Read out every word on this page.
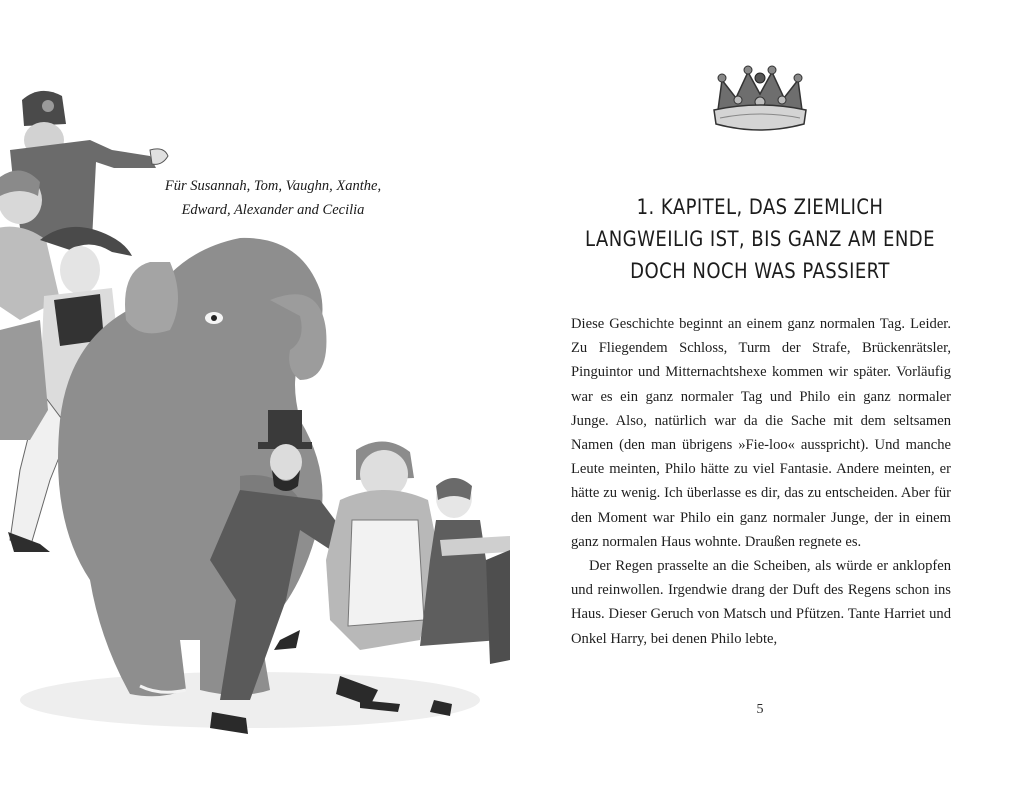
Für Susannah, Tom, Vaughn, Xanthe,
Edward, Alexander and Cecilia	1. KAPITEL, DAS ZIEMLICH
LANGWEILIG IST, BIS GANZ AM ENDE
DOCH NOCH WAS PASSIERT

Diese Geschichte beginnt an einem ganz normalen Tag. Leider. Zu Fliegendem Schloss, Turm der Strafe, Brückenrätsler, Pinguintor und Mitternachtshexe kommen wir später. Vorläufig war es ein ganz normaler Tag und Philo ein ganz normaler Junge. Also, natürlich war da die Sache mit dem seltsamen Namen (den man übrigens »Fie-loo« ausspricht). Und manche Leute meinten, Philo hätte zu viel Fantasie. Andere meinten, er hätte zu wenig. Ich überlasse es dir, das zu entscheiden. Aber für den Moment war Philo ein ganz normaler Junge, der in einem ganz normalen Haus wohnte. Draußen regnete es.

Der Regen prasselte an die Scheiben, als würde er anklopfen und reinwollen. Irgendwie drang der Duft des Regens schon ins Haus. Dieser Geruch von Matsch und Pfützen. Tante Harriet und Onkel Harry, bei denen Philo lebte,

5
